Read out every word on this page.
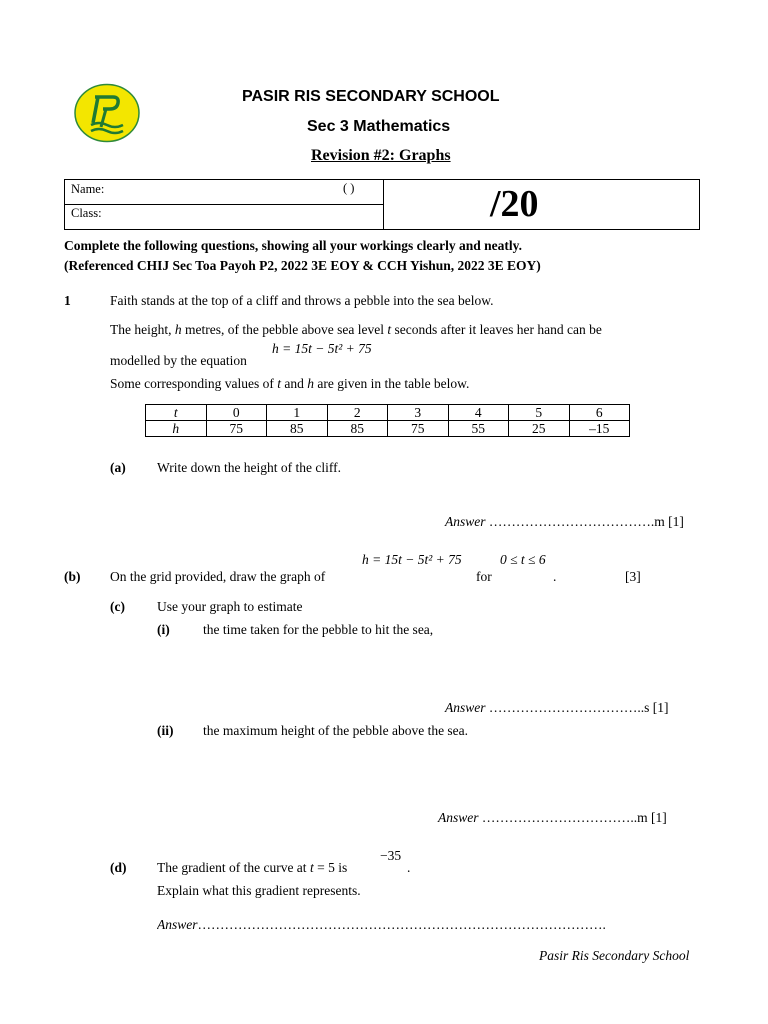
PASIR RIS SECONDARY SCHOOL
Sec 3 Mathematics
Revision #2: Graphs
Name:	( )
Class:	/20
Complete the following questions, showing all your workings clearly and neatly.
(Referenced CHIJ Sec Toa Payoh P2, 2022 3E EOY & CCH Yishun, 2022 3E EOY)
1	Faith stands at the top of a cliff and throws a pebble into the sea below.
The height, h metres, of the pebble above sea level t seconds after it leaves her hand can be
modelled by the equation
h = 15t − 5t² + 75
Some corresponding values of t and h are given in the table below.
t	0	1	2	3	4	5	6
h	75	85	85	75	55	25	–15
(a) Write down the height of the cliff.
Answer ……………………………….m [1]
h = 15t − 5t² + 75	0 ≤ t ≤ 6
(b) On the grid provided, draw the graph of	for	.	[3]
(c) Use your graph to estimate
(i) the time taken for the pebble to hit the sea,
Answer ……………………………..s [1]
(ii) the maximum height of the pebble above the sea.
Answer ……………………………..m [1]
−35
(d) The gradient of the curve at t = 5 is	.
Explain what this gradient represents.
Answer……………………………………………………………………………….
Pasir Ris Secondary School
